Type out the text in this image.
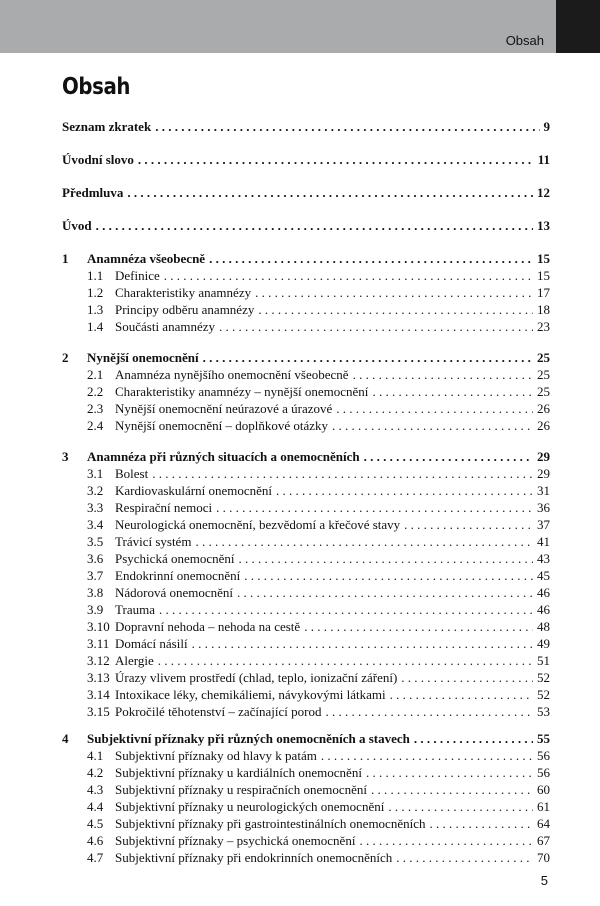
Obsah
Obsah
Seznam zkratek . . .	9
Úvodní slovo . . .	11
Předmluva . . .	12
Úvod . . .	13
1	Anamnéza všeobecně . . .	15
1.1 Definice . . .	15
1.2 Charakteristiky anamnézy . . .	17
1.3 Principy odběru anamnézy . . .	18
1.4 Součásti anamnézy . . .	23
2	Nynější onemocnění . . .	25
2.1 Anamnéza nynějšího onemocnění všeobecně . . .	25
2.2 Charakteristiky anamnézy – nynější onemocnění . . .	25
2.3 Nynější onemocnění neúrazové a úrazové . . .	26
2.4 Nynější onemocnění – doplňkové otázky . . .	26
3	Anamnéza při různých situacích a onemocněních . . .	29
3.1 Bolest . . .	29
3.2 Kardiovaskulární onemocnění . . .	31
3.3 Respirační nemoci . . .	36
3.4 Neurologická onemocnění, bezvědomí a křečové stavy . . .	37
3.5 Trávicí systém . . .	41
3.6 Psychická onemocnění . . .	43
3.7 Endokrinní onemocnění . . .	45
3.8 Nádorová onemocnění . . .	46
3.9 Trauma . . .	46
3.10 Dopravní nehoda – nehoda na cestě . . .	48
3.11 Domácí násilí . . .	49
3.12 Alergie . . .	51
3.13 Úrazy vlivem prostředí (chlad, teplo, ionizační záření) . . .	52
3.14 Intoxikace léky, chemikáliemi, návykovými látkami . . .	52
3.15 Pokročilé těhotenství – začínající porod . . .	53
4	Subjektivní příznaky při různých onemocněních a stavech . . .	55
4.1 Subjektivní příznaky od hlavy k patám . . .	56
4.2 Subjektivní příznaky u kardiálních onemocnění . . .	56
4.3 Subjektivní příznaky u respiračních onemocnění . . .	60
4.4 Subjektivní příznaky u neurologických onemocnění . . .	61
4.5 Subjektivní příznaky při gastrointestinálních onemocněních . . .	64
4.6 Subjektivní příznaky – psychická onemocnění . . .	67
4.7 Subjektivní příznaky při endokrinních onemocněních . . .	70
5
